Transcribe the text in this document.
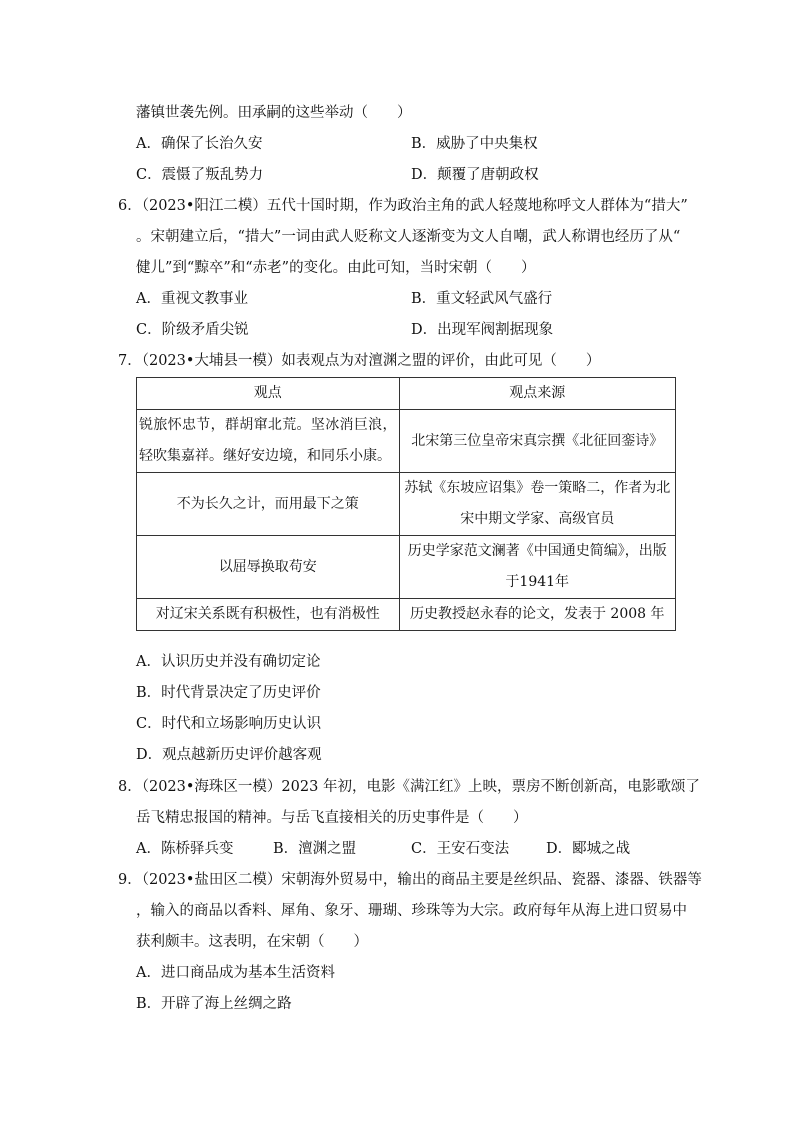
藩镇世袭先例。田承嗣的这些举动（　　）
A．确保了长治久安	B．威胁了中央集权
C．震慑了叛乱势力	D．颠覆了唐朝政权
6．（2023•阳江二模）五代十国时期，作为政治主角的武人轻蔑地称呼文人群体为“措大”
。宋朝建立后，“措大”一词由武人贬称文人逐渐变为文人自嘲，武人称谓也经历了从“
健儿”到“黥卒”和“赤老”的变化。由此可知，当时宋朝（　　）
A．重视文教事业	B．重文轻武风气盛行
C．阶级矛盾尖锐	D．出现军阀割据现象
7．（2023•大埔县一模）如表观点为对澶渊之盟的评价，由此可见（　　）
观点	观点来源
锐旅怀忠节，群胡窜北荒。坚冰消巨浪，轻吹集嘉祥。继好安边境，和同乐小康。	北宋第三位皇帝宋真宗撰《北征回銮诗》
不为长久之计，而用最下之策	苏轼《东坡应诏集》卷一策略二，作者为北宋中期文学家、高级官员
以屈辱换取苟安	历史学家范文澜著《中国通史简编》，出版于1941年
对辽宋关系既有积极性，也有消极性	历史教授赵永春的论文，发表于 2008 年
A．认识历史并没有确切定论
B．时代背景决定了历史评价
C．时代和立场影响历史认识
D．观点越新历史评价越客观
8．（2023•海珠区一模）2023 年初，电影《满江红》上映，票房不断创新高，电影歌颂了
岳飞精忠报国的精神。与岳飞直接相关的历史事件是（　　）
A．陈桥驿兵变	B．澶渊之盟	C．王安石变法	D．郾城之战
9．（2023•盐田区二模）宋朝海外贸易中，输出的商品主要是丝织品、瓷器、漆器、铁器等
，输入的商品以香料、犀角、象牙、珊瑚、珍珠等为大宗。政府每年从海上进口贸易中
获利颇丰。这表明，在宋朝（　　）
A．进口商品成为基本生活资料
B．开辟了海上丝绸之路
